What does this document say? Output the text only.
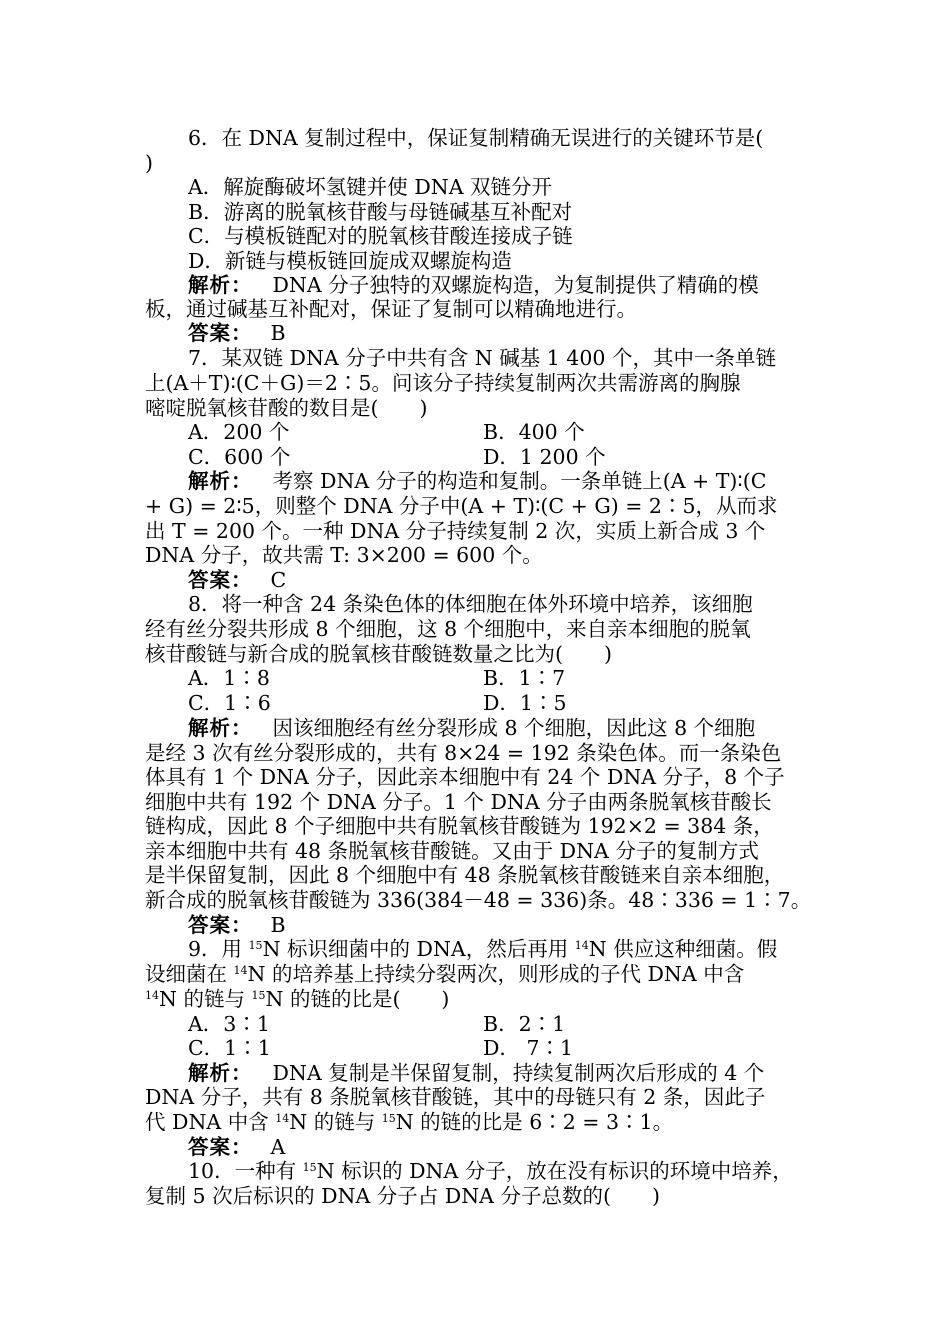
6．在 DNA 复制过程中，保证复制精确无误进行的关键环节是(
)
A．解旋酶破坏氢键并使 DNA 双链分开
B．游离的脱氧核苷酸与母链碱基互补配对
C．与模板链配对的脱氧核苷酸连接成子链
D．新链与模板链回旋成双螺旋构造
解析： DNA 分子独特的双螺旋构造，为复制提供了精确的模
板，通过碱基互补配对，保证了复制可以精确地进行。
答案： B
7．某双链 DNA 分子中共有含 N 碱基 1 400 个，其中一条单链
上(A＋T)∶(C＋G)＝2∶5。问该分子持续复制两次共需游离的胸腺
嘧啶脱氧核苷酸的数目是(　　)
A．200 个	B．400 个
C．600 个	D．1 200 个
解析： 考察 DNA 分子的构造和复制。一条单链上(A + T)∶(C
+ G) = 2∶5，则整个 DNA 分子中(A + T)∶(C + G) = 2∶5，从而求
出 T = 200 个。一种 DNA 分子持续复制 2 次，实质上新合成 3 个
DNA 分子，故共需 T: 3×200 = 600 个。
答案： C
8．将一种含 24 条染色体的体细胞在体外环境中培养，该细胞
经有丝分裂共形成 8 个细胞，这 8 个细胞中，来自亲本细胞的脱氧
核苷酸链与新合成的脱氧核苷酸链数量之比为(　　)
A．1∶8	B．1∶7
C．1∶6	D．1∶5
解析： 因该细胞经有丝分裂形成 8 个细胞，因此这 8 个细胞
是经 3 次有丝分裂形成的，共有 8×24 = 192 条染色体。而一条染色
体具有 1 个 DNA 分子，因此亲本细胞中有 24 个 DNA 分子，8 个子
细胞中共有 192 个 DNA 分子。1 个 DNA 分子由两条脱氧核苷酸长
链构成，因此 8 个子细胞中共有脱氧核苷酸链为 192×2 = 384 条，
亲本细胞中共有 48 条脱氧核苷酸链。又由于 DNA 分子的复制方式
是半保留复制，因此 8 个细胞中有 48 条脱氧核苷酸链来自亲本细胞，
新合成的脱氧核苷酸链为 336(384－48 = 336)条。48∶336 = 1∶7。
答案： B
9．用 $^{15}$N 标识细菌中的 DNA，然后再用 $^{14}$N 供应这种细菌。假
设细菌在 $^{14}$N 的培养基上持续分裂两次，则形成的子代 DNA 中含
$^{14}$N 的链与 $^{15}$N 的链的比是(　　)
A．3∶1	B．2∶1
C．1∶1	D． 7∶1
解析： DNA 复制是半保留复制，持续复制两次后形成的 4 个
DNA 分子，共有 8 条脱氧核苷酸链，其中的母链只有 2 条，因此子
代 DNA 中含 $^{14}$N 的链与 $^{15}$N 的链的比是 6∶2 = 3∶1。
答案： A
10．一种有 $^{15}$N 标识的 DNA 分子，放在没有标识的环境中培养，
复制 5 次后标识的 DNA 分子占 DNA 分子总数的(　　)
